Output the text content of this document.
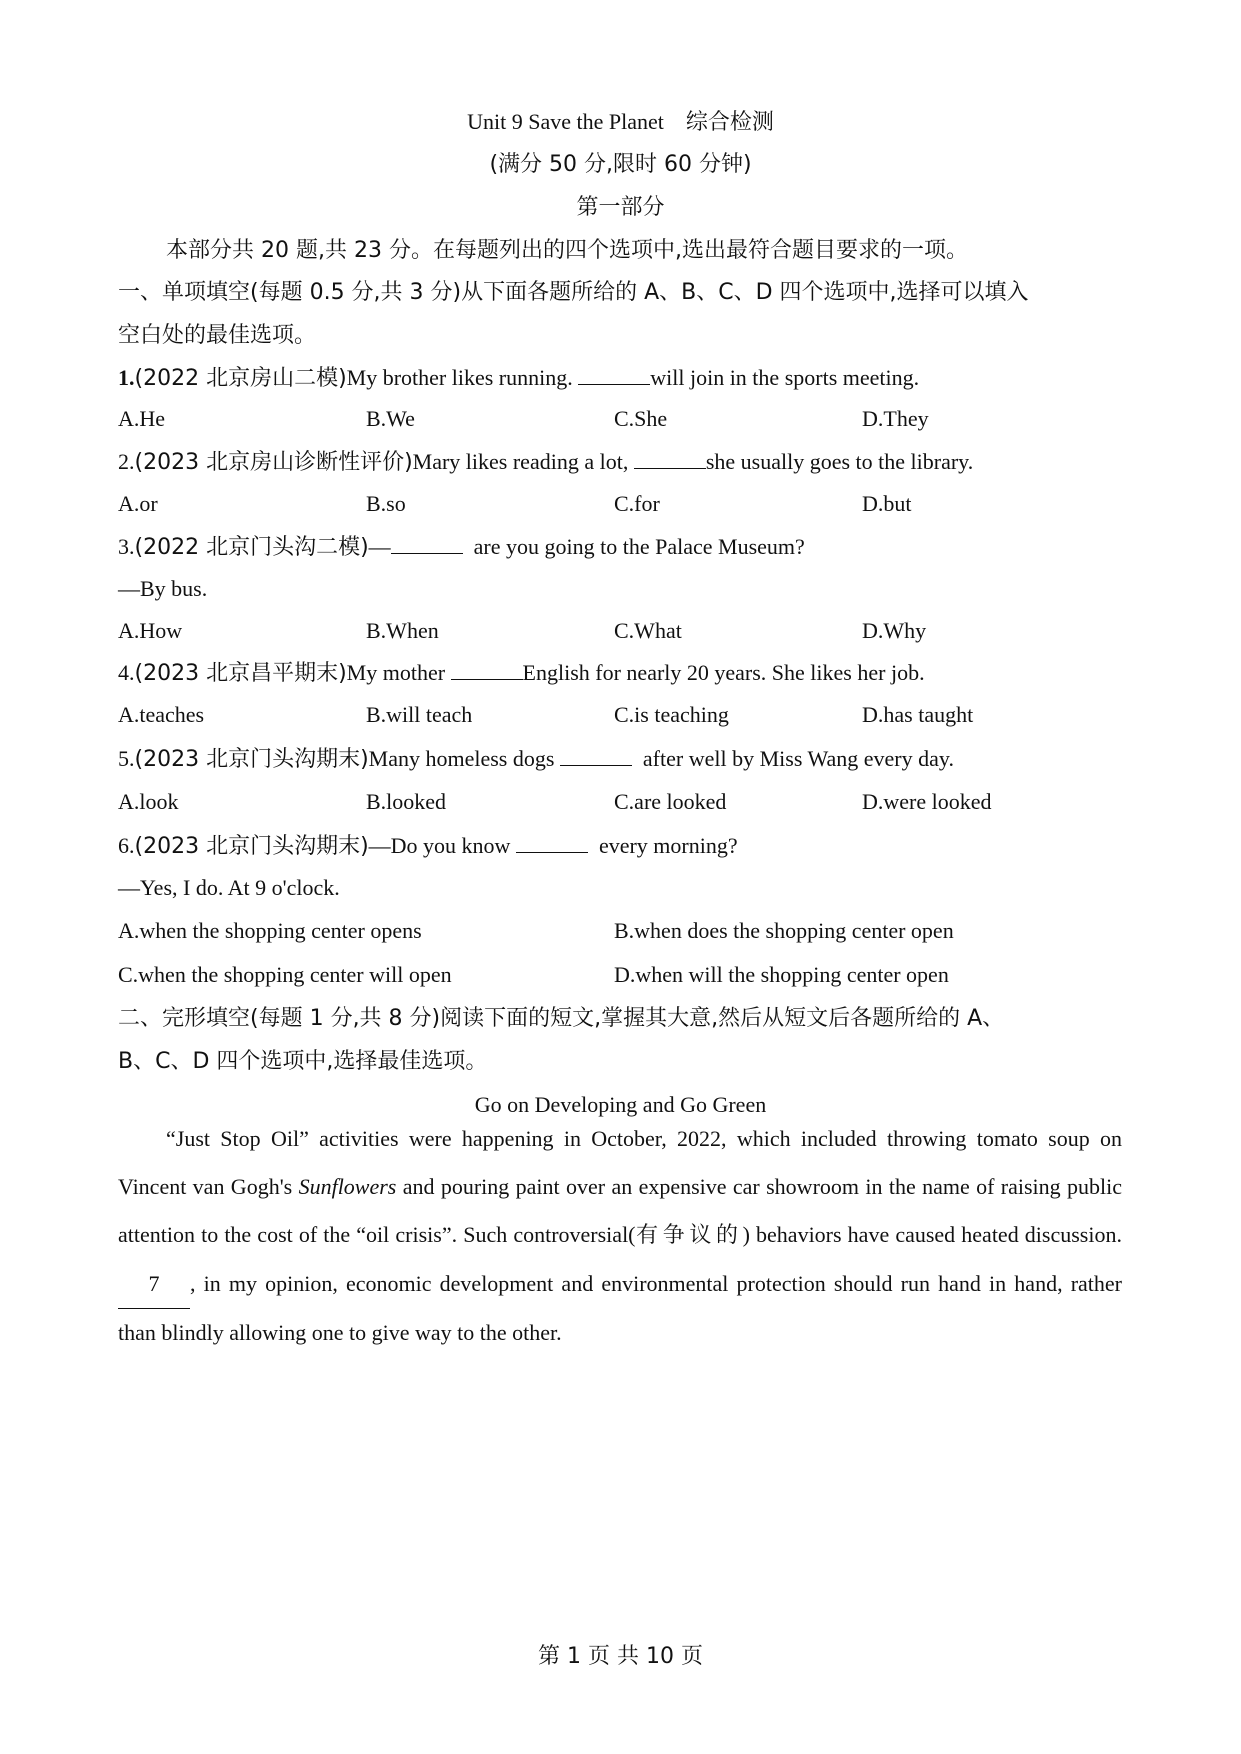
Unit 9 Save the Planet 综合检测
(满分 50 分,限时 60 分钟)
第一部分
本部分共 20 题,共 23 分。在每题列出的四个选项中,选出最符合题目要求的一项。
一、单项填空(每题 0.5 分,共 3 分)从下面各题所给的 A、B、C、D 四个选项中,选择可以填入
空白处的最佳选项。
1.(2022 北京房山二模)My brother likes running.	will join in the sports meeting.
A.He	B.We	C.She	D.They
2.(2023 北京房山诊断性评价)Mary likes reading a lot,	she usually goes to the library.
A.or	B.so	C.for	D.but
3.(2022 北京门头沟二模)—	are you going to the Palace Museum?
—By bus.
A.How	B.When	C.What	D.Why
4.(2023 北京昌平期末)My mother	English for nearly 20 years. She likes her job.
A.teaches	B.will teach	C.is teaching	D.has taught
5.(2023 北京门头沟期末)Many homeless dogs	after well by Miss Wang every day.
A.look	B.looked	C.are looked	D.were looked
6.(2023 北京门头沟期末)—Do you know	every morning?
—Yes, I do. At 9 o'clock.
A.when the shopping center opens	B.when does the shopping center open
C.when the shopping center will open	D.when will the shopping center open
二、完形填空(每题 1 分,共 8 分)阅读下面的短文,掌握其大意,然后从短文后各题所给的 A、
B、C、D 四个选项中,选择最佳选项。
Go on Developing and Go Green
“Just Stop Oil” activities were happening in October, 2022, which included throwing tomato soup on Vincent van Gogh's Sunflowers and pouring paint over an expensive car showroom in the name of raising public attention to the cost of the “oil crisis”. Such controversial(有争议的) behaviors have caused heated discussion. 7 , in my opinion, economic development and environmental protection should run hand in hand, rather than blindly allowing one to give way to the other.
第 1 页 共 10 页
